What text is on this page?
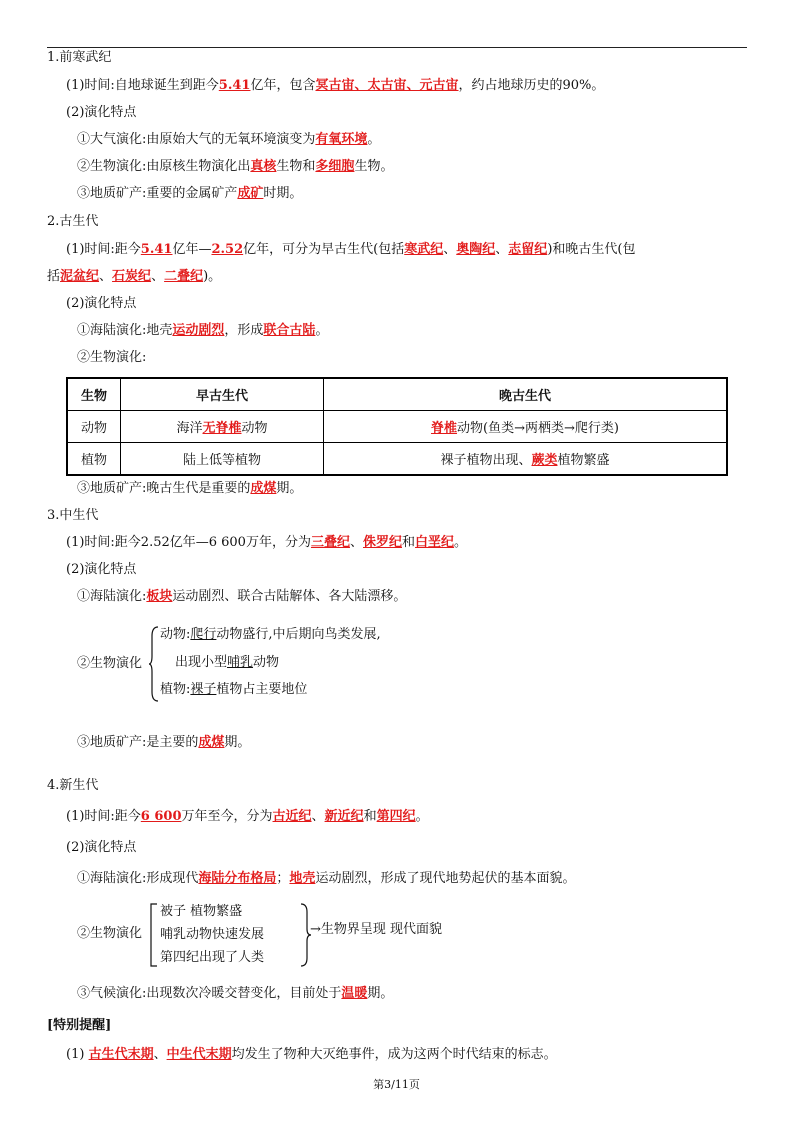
1.前寒武纪
(1)时间:自地球诞生到距今5.41亿年，包含冥古宙、太古宙、元古宙，约占地球历史的90%。
(2)演化特点
①大气演化:由原始大气的无氧环境演变为有氧环境。
②生物演化:由原核生物演化出真核生物和多细胞生物。
③地质矿产:重要的金属矿产成矿时期。
2.古生代
(1)时间:距今5.41亿年—2.52亿年，可分为早古生代(包括寒武纪、奥陶纪、志留纪)和晚古生代(包
括泥盆纪、石炭纪、二叠纪)。
(2)演化特点
①海陆演化:地壳运动剧烈，形成联合古陆。
②生物演化:
生物	早古生代	晚古生代
动物	海洋无脊椎动物	脊椎动物(鱼类→两栖类→爬行类)
植物	陆上低等植物	裸子植物出现、蕨类植物繁盛
③地质矿产:晚古生代是重要的成煤期。
3.中生代
(1)时间:距今2.52亿年—6 600万年，分为三叠纪、侏罗纪和白垩纪。
(2)演化特点
①海陆演化:板块运动剧烈、联合古陆解体、各大陆漂移。
②生物演化
动物:爬行动物盛行,中后期向鸟类发展,
出现小型哺乳动物
植物:裸子植物占主要地位
③地质矿产:是主要的成煤期。
4.新生代
(1)时间:距今6 600万年至今，分为古近纪、新近纪和第四纪。
(2)演化特点
①海陆演化:形成现代海陆分布格局；地壳运动剧烈，形成了现代地势起伏的基本面貌。
②生物演化
被子 植物繁盛
哺乳动物快速发展
第四纪出现了人类
→生物界呈现 现代面貌
③气候演化:出现数次冷暖交替变化，目前处于温暖期。
[特别提醒]
(1) 古生代末期、中生代末期均发生了物种大灭绝事件，成为这两个时代结束的标志。
第3/11页
